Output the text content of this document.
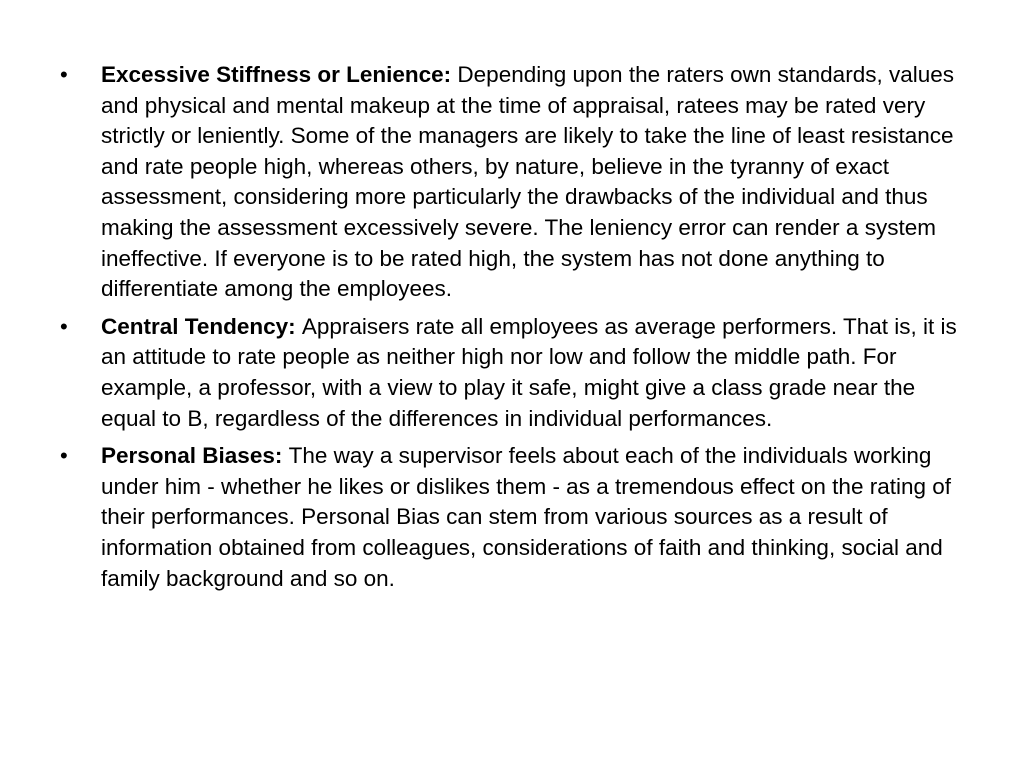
•	Excessive Stiffness or Lenience: Depending upon the raters own standards, values and physical and mental makeup at the time of appraisal, ratees may be rated very strictly or leniently. Some of the managers are likely to take the line of least resistance and rate people high, whereas others, by nature, believe in the tyranny of exact assessment, considering more particularly the drawbacks of the individual and thus making the assessment excessively severe. The leniency error can render a system ineffective. If everyone is to be rated high, the system has not done anything to differentiate among the employees.
•	Central Tendency: Appraisers rate all employees as average performers. That is, it is an attitude to rate people as neither high nor low and follow the middle path. For example, a professor, with a view to play it safe, might give a class grade near the equal to B, regardless of the differences in individual performances.
•	Personal Biases: The way a supervisor feels about each of the individuals working under him - whether he likes or dislikes them - as a tremendous effect on the rating of their performances. Personal Bias can stem from various sources as a result of information obtained from colleagues, considerations of faith and thinking, social and family background and so on.
